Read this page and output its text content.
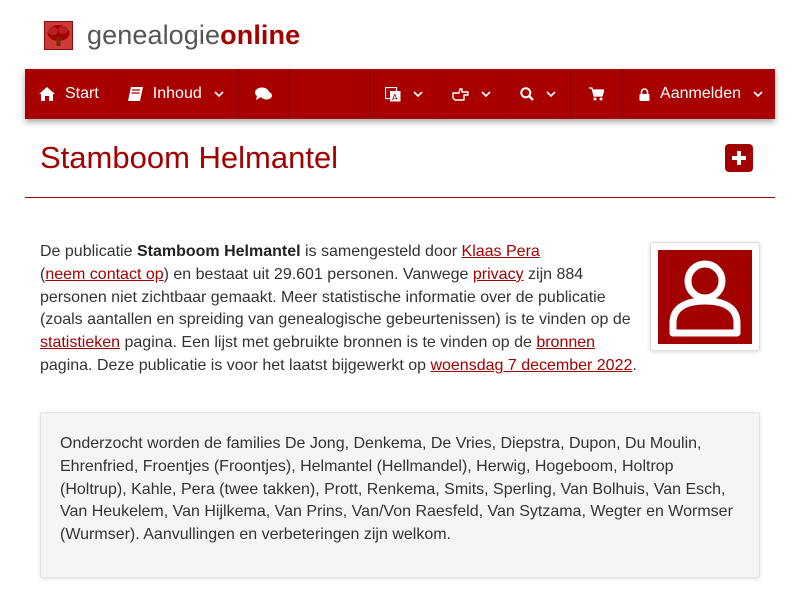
genealogieonline
Start	Inhoud	A	Aanmelden
Stamboom Helmantel

De publicatie Stamboom Helmantel is samengesteld door Klaas Pera
(neem contact op) en bestaat uit 29.601 personen. Vanwege privacy zijn 884 personen niet zichtbaar gemaakt. Meer statistische informatie over de publicatie (zoals aantallen en spreiding van genealogische gebeurtenissen) is te vinden op de statistieken pagina. Een lijst met gebruikte bronnen is te vinden op de bronnen pagina. Deze publicatie is voor het laatst bijgewerkt op woensdag 7 december 2022.

Onderzocht worden de families De Jong, Denkema, De Vries, Diepstra, Dupon, Du Moulin, Ehrenfried, Froentjes (Froontjes), Helmantel (Hellmandel), Herwig, Hogeboom, Holtrop (Holtrup), Kahle, Pera (twee takken), Prott, Renkema, Smits, Sperling, Van Bolhuis, Van Esch, Van Heukelem, Van Hijlkema, Van Prins, Van/Von Raesfeld, Van Sytzama, Wegter en Wormser (Wurmser). Aanvullingen en verbeteringen zijn welkom.
